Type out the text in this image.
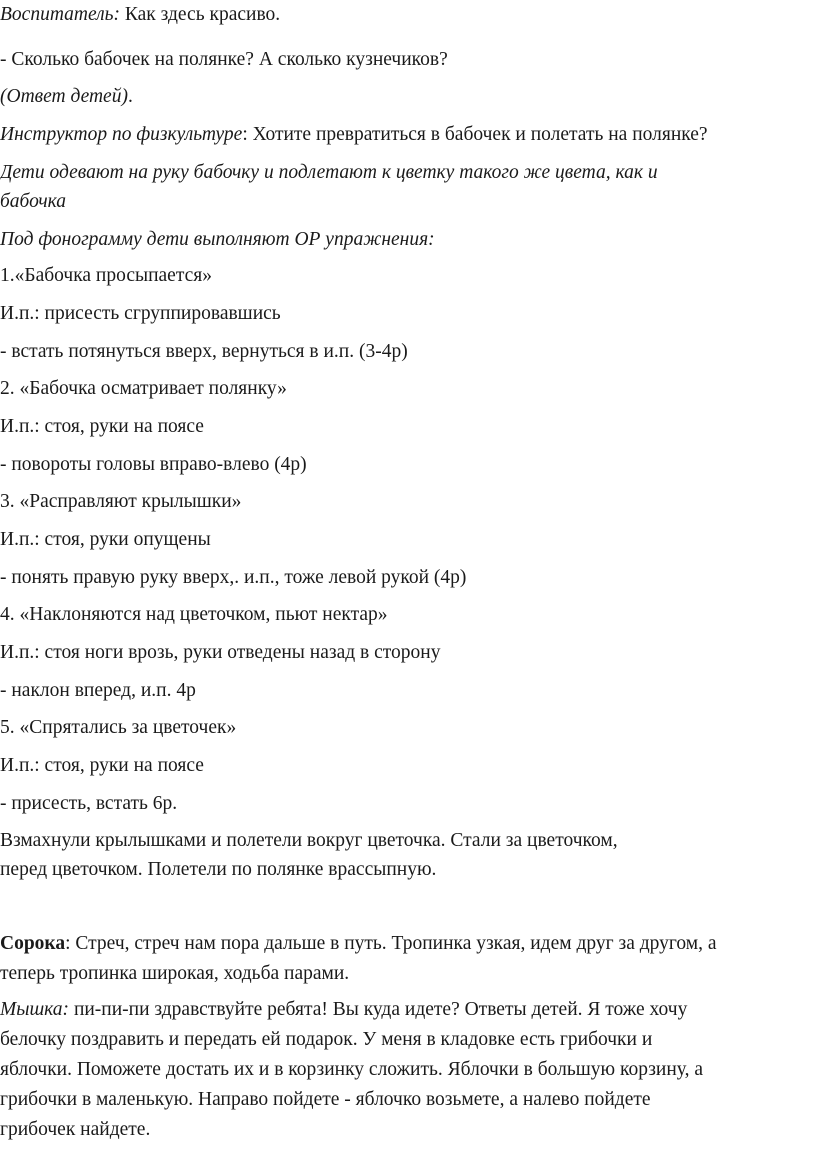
Воспитатель: Как здесь красиво.
- Сколько бабочек на полянке? А сколько кузнечиков?
(Ответ детей).
Инструктор по физкультуре: Хотите превратиться в бабочек и полетать на полянке?
Дети одевают на руку бабочку и подлетают к цветку такого же цвета, как и
бабочка
Под фонограмму дети выполняют ОР упражнения:
1.«Бабочка просыпается»
И.п.: присесть сгруппировавшись
- встать потянуться вверх, вернуться в и.п. (3-4р)
2. «Бабочка осматривает полянку»
И.п.: стоя, руки на поясе
- повороты головы вправо-влево (4р)
3. «Расправляют крылышки»
И.п.: стоя, руки опущены
- понять правую руку вверх,. и.п., тоже левой рукой (4р)
4. «Наклоняются над цветочком, пьют нектар»
И.п.: стоя ноги врозь, руки отведены назад в сторону
- наклон вперед, и.п. 4р
5. «Спрятались за цветочек»
И.п.: стоя, руки на поясе
- присесть, встать 6р.
Взмахнули крылышками и полетели вокруг цветочка. Стали за цветочком,
перед цветочком. Полетели по полянке врассыпную.
Сорока: Стреч, стреч нам пора дальше в путь. Тропинка узкая, идем друг за другом, а
теперь тропинка широкая, ходьба парами.
Мышка: пи-пи-пи здравствуйте ребята! Вы куда идете? Ответы детей. Я тоже хочу
белочку поздравить и передать ей подарок. У меня в кладовке есть грибочки и
яблочки. Поможете достать их и в корзинку сложить. Яблочки в большую корзину, а
грибочки в маленькую. Направо пойдете - яблочко возьмете, а налево пойдете
грибочек найдете.
